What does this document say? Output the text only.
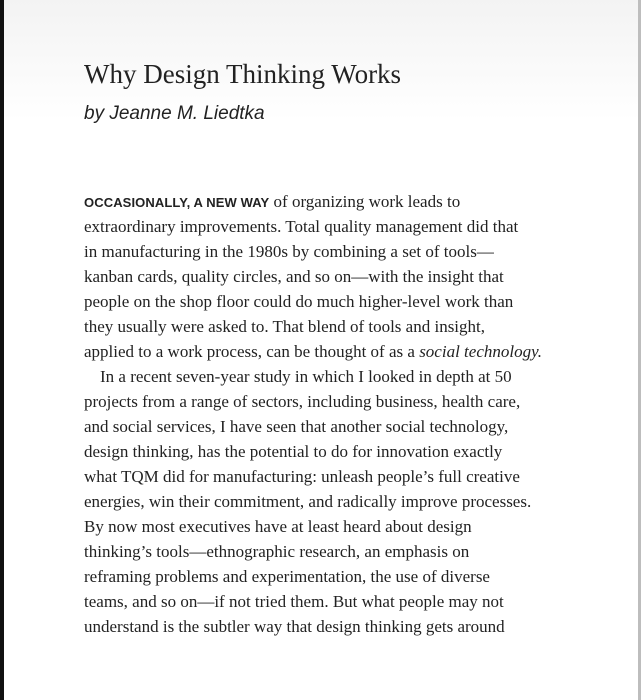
Why Design Thinking Works

by Jeanne M. Liedtka

OCCASIONALLY, A NEW WAY of organizing work leads to
extraordinary improvements. Total quality management did that
in manufacturing in the 1980s by combining a set of tools—
kanban cards, quality circles, and so on—with the insight that
people on the shop floor could do much higher-level work than
they usually were asked to. That blend of tools and insight,
applied to a work process, can be thought of as a social technology.
In a recent seven-year study in which I looked in depth at 50
projects from a range of sectors, including business, health care,
and social services, I have seen that another social technology,
design thinking, has the potential to do for innovation exactly
what TQM did for manufacturing: unleash people’s full creative
energies, win their commitment, and radically improve processes.
By now most executives have at least heard about design
thinking’s tools—ethnographic research, an emphasis on
reframing problems and experimentation, the use of diverse
teams, and so on—if not tried them. But what people may not
understand is the subtler way that design thinking gets around
